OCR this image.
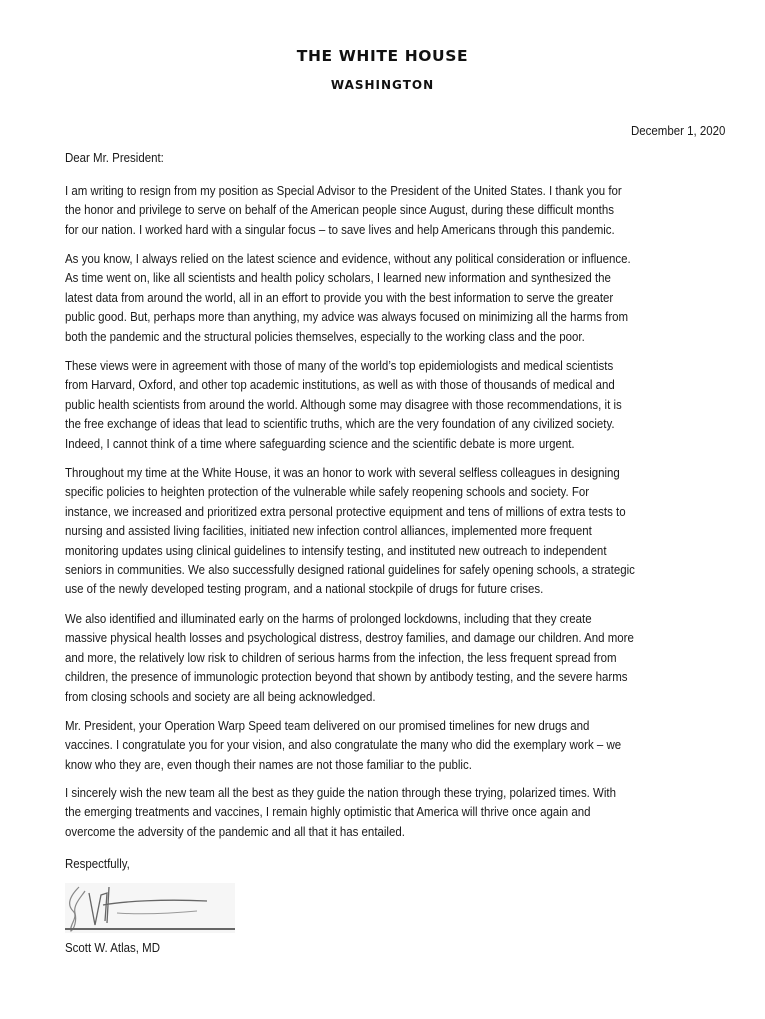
THE WHITE HOUSE
WASHINGTON
December 1, 2020
Dear Mr. President:
I am writing to resign from my position as Special Advisor to the President of the United States. I thank you for
the honor and privilege to serve on behalf of the American people since August, during these difficult months
for our nation. I worked hard with a singular focus – to save lives and help Americans through this pandemic.
As you know, I always relied on the latest science and evidence, without any political consideration or influence.
As time went on, like all scientists and health policy scholars, I learned new information and synthesized the
latest data from around the world, all in an effort to provide you with the best information to serve the greater
public good. But, perhaps more than anything, my advice was always focused on minimizing all the harms from
both the pandemic and the structural policies themselves, especially to the working class and the poor.
These views were in agreement with those of many of the world’s top epidemiologists and medical scientists
from Harvard, Oxford, and other top academic institutions, as well as with those of thousands of medical and
public health scientists from around the world. Although some may disagree with those recommendations, it is
the free exchange of ideas that lead to scientific truths, which are the very foundation of any civilized society.
Indeed, I cannot think of a time where safeguarding science and the scientific debate is more urgent.
Throughout my time at the White House, it was an honor to work with several selfless colleagues in designing
specific policies to heighten protection of the vulnerable while safely reopening schools and society. For
instance, we increased and prioritized extra personal protective equipment and tens of millions of extra tests to
nursing and assisted living facilities, initiated new infection control alliances, implemented more frequent
monitoring updates using clinical guidelines to intensify testing, and instituted new outreach to independent
seniors in communities. We also successfully designed rational guidelines for safely opening schools, a strategic
use of the newly developed testing program, and a national stockpile of drugs for future crises.
We also identified and illuminated early on the harms of prolonged lockdowns, including that they create
massive physical health losses and psychological distress, destroy families, and damage our children. And more
and more, the relatively low risk to children of serious harms from the infection, the less frequent spread from
children, the presence of immunologic protection beyond that shown by antibody testing, and the severe harms
from closing schools and society are all being acknowledged.
Mr. President, your Operation Warp Speed team delivered on our promised timelines for new drugs and
vaccines. I congratulate you for your vision, and also congratulate the many who did the exemplary work – we
know who they are, even though their names are not those familiar to the public.
I sincerely wish the new team all the best as they guide the nation through these trying, polarized times. With
the emerging treatments and vaccines, I remain highly optimistic that America will thrive once again and
overcome the adversity of the pandemic and all that it has entailed.
Respectfully,
Scott W. Atlas, MD
